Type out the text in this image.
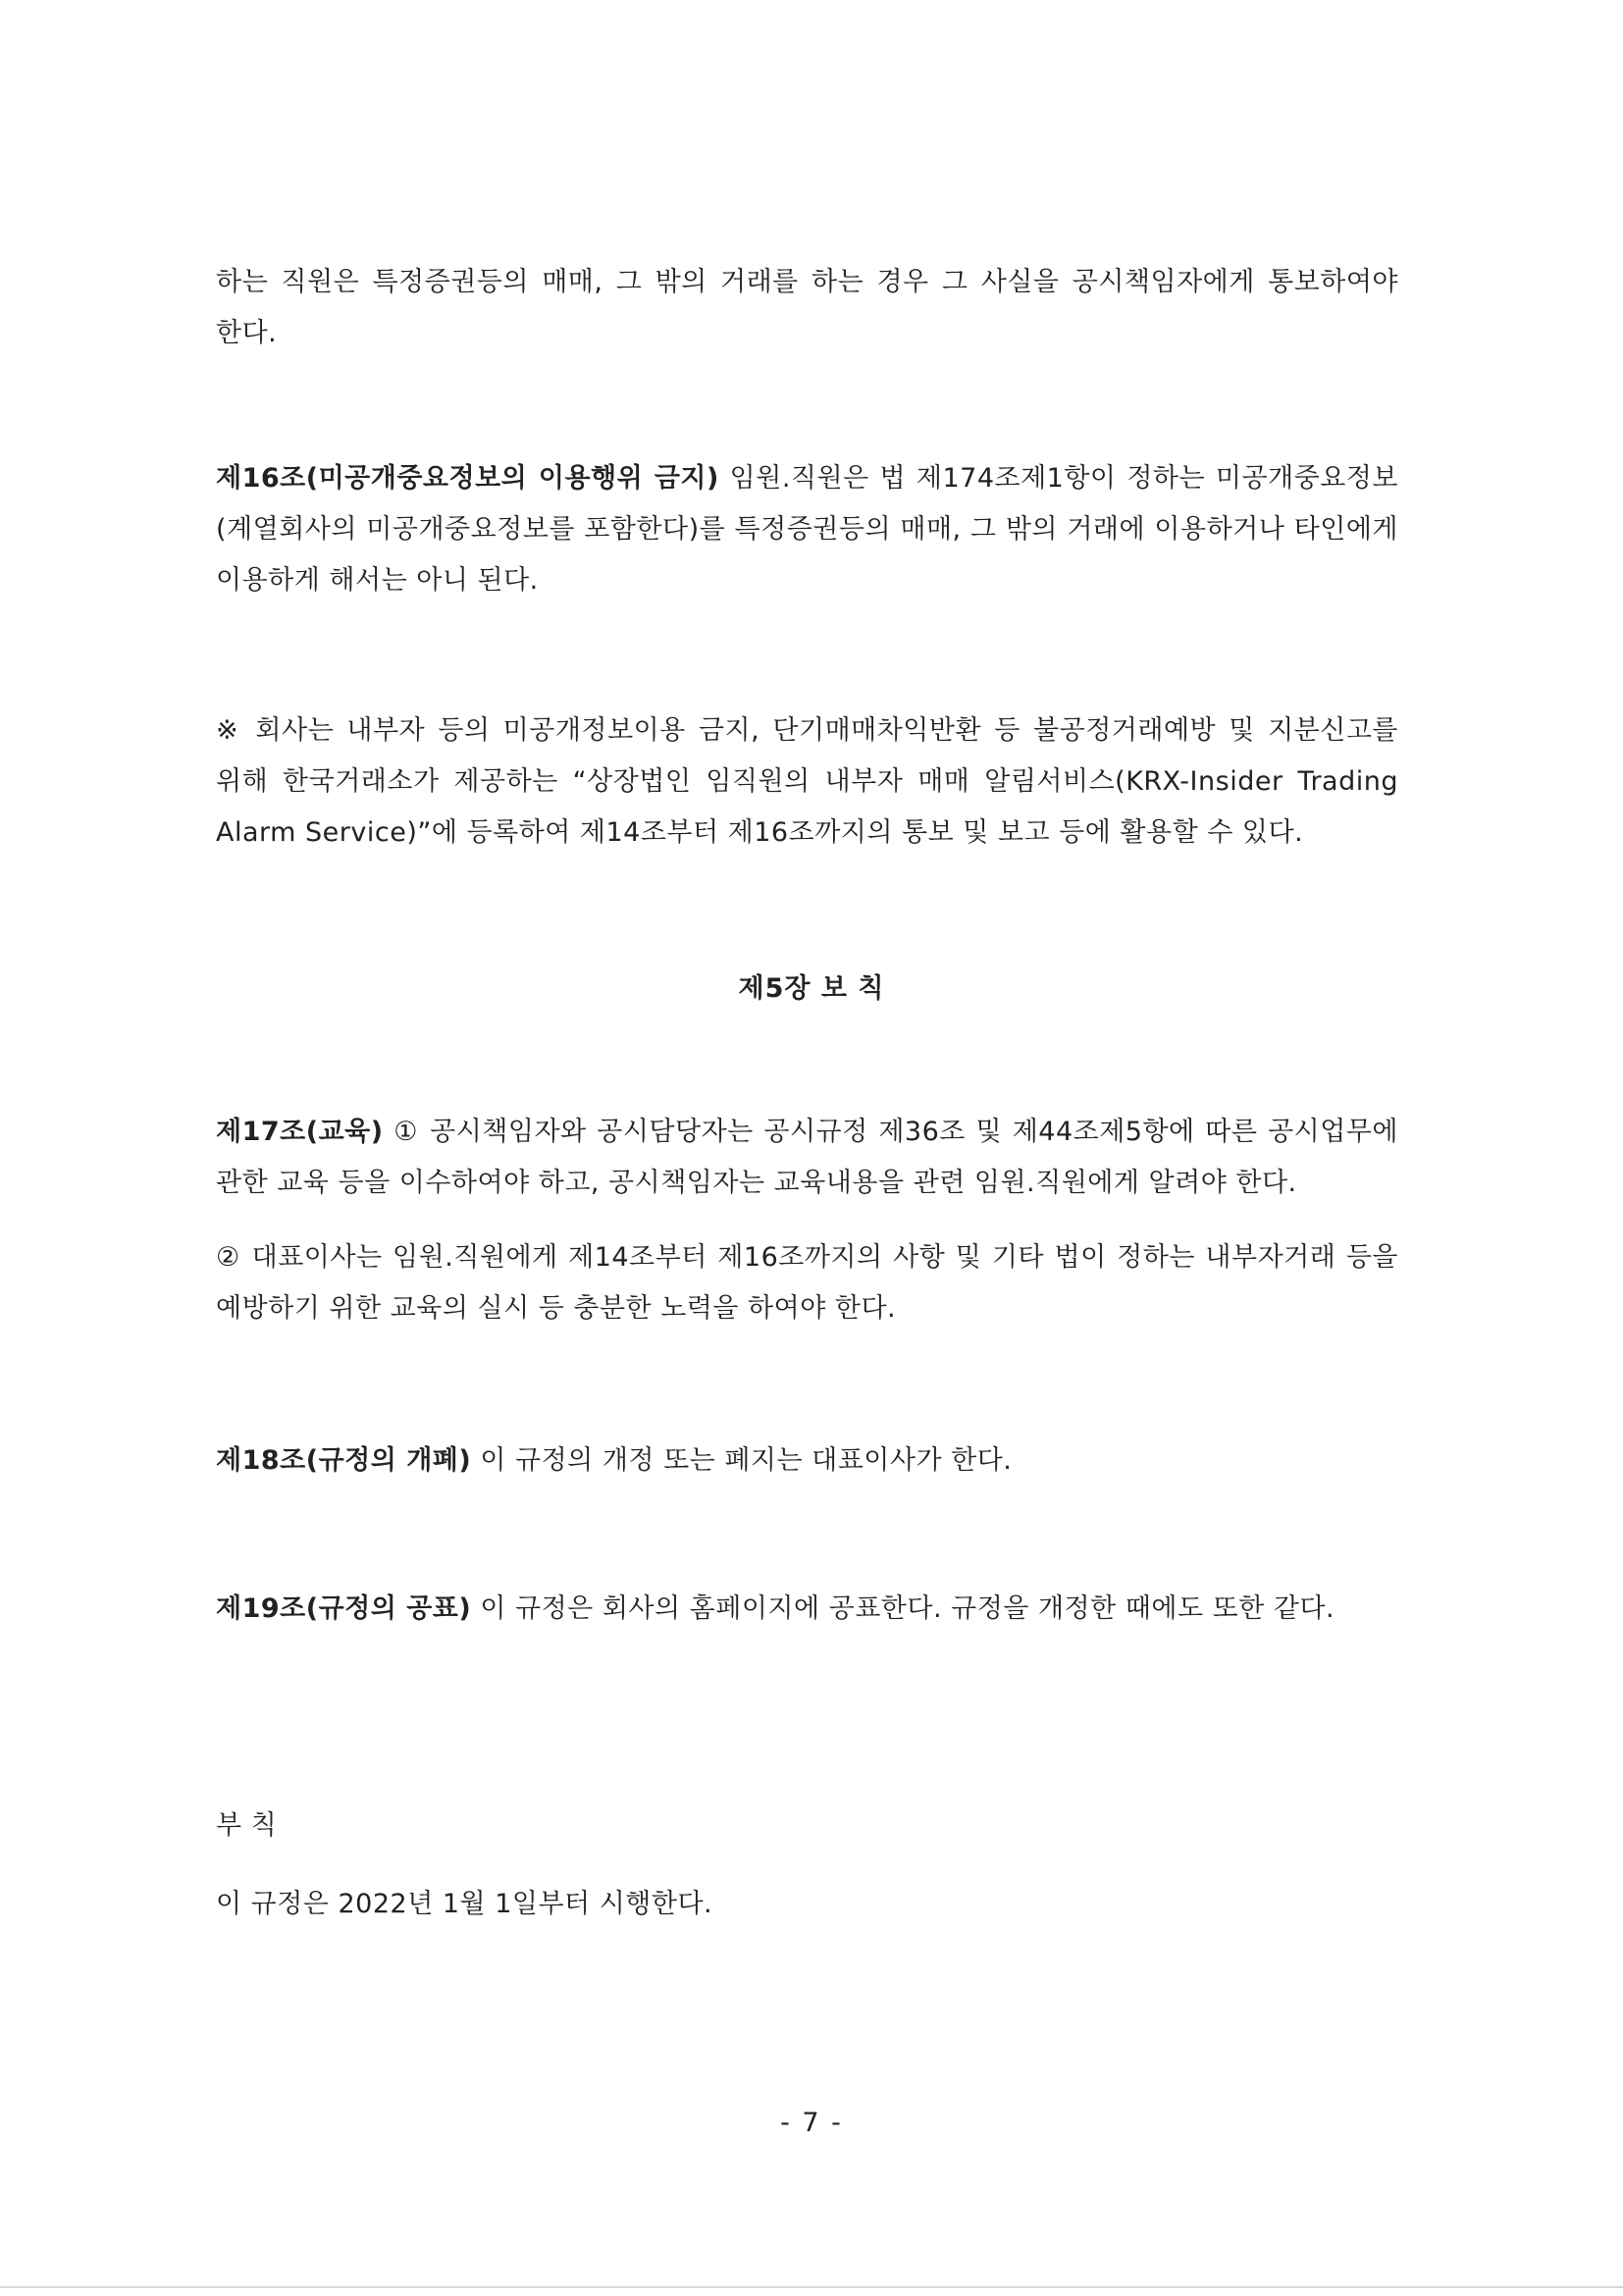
하는 직원은 특정증권등의 매매, 그 밖의 거래를 하는 경우 그 사실을 공시책임자에게 통보하여야 한다.
제16조(미공개중요정보의 이용행위 금지) 임원.직원은 법 제174조제1항이 정하는 미공개중요정보(계열회사의 미공개중요정보를 포함한다)를 특정증권등의 매매, 그 밖의 거래에 이용하거나 타인에게 이용하게 해서는 아니 된다.
※ 회사는 내부자 등의 미공개정보이용 금지, 단기매매차익반환 등 불공정거래예방 및 지분신고를 위해 한국거래소가 제공하는 “상장법인 임직원의 내부자 매매 알림서비스(KRX-Insider Trading Alarm Service)”에 등록하여 제14조부터 제16조까지의 통보 및 보고 등에 활용할 수 있다.
제5장 보 칙
제17조(교육) ① 공시책임자와 공시담당자는 공시규정 제36조 및 제44조제5항에 따른 공시업무에 관한 교육 등을 이수하여야 하고, 공시책임자는 교육내용을 관련 임원.직원에게 알려야 한다.
② 대표이사는 임원.직원에게 제14조부터 제16조까지의 사항 및 기타 법이 정하는 내부자거래 등을 예방하기 위한 교육의 실시 등 충분한 노력을 하여야 한다.
제18조(규정의 개폐) 이 규정의 개정 또는 폐지는 대표이사가 한다.
제19조(규정의 공표) 이 규정은 회사의 홈페이지에 공표한다. 규정을 개정한 때에도 또한 같다.
부 칙
이 규정은 2022년 1월 1일부터 시행한다.
- 7 -
